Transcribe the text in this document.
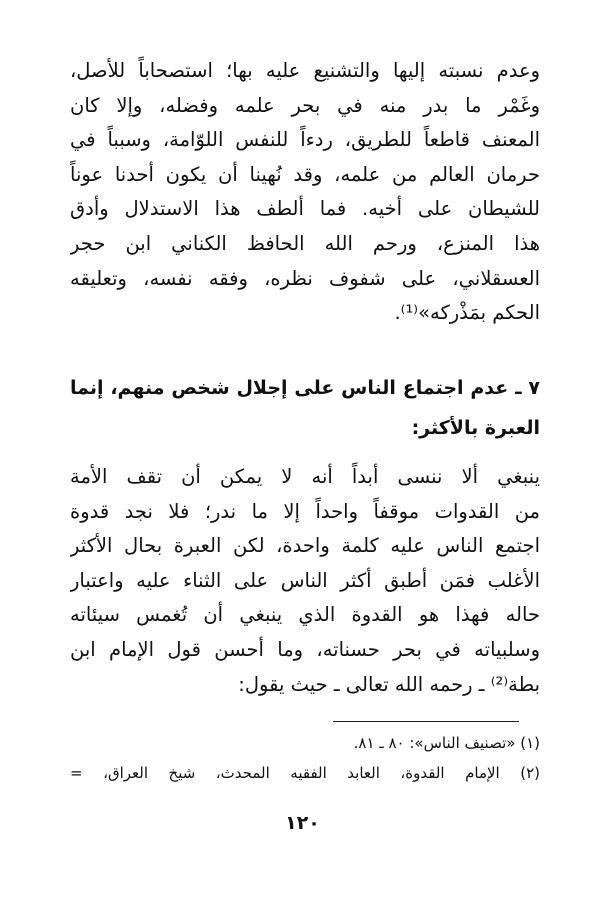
وعدم نسبته إليها والتشنيع عليه بها؛ استصحاباً للأصل،
وغَمْر ما بدر منه في بحر علمه وفضله، وإلا كان
المعنف قاطعاً للطريق، ردءاً للنفس اللوّامة، وسبباً في
حرمان العالم من علمه، وقد نُهينا أن يكون أحدنا عوناً
للشيطان على أخيه. فما ألطف هذا الاستدلال وأدق
هذا المنزع، ورحم الله الحافظ الكناني ابن حجر
العسقلاني، على شفوف نظره، وفقه نفسه، وتعليقه
الحكم بمَذْركه»⁽¹⁾.
٧ ـ عدم اجتماع الناس على إجلال شخص منهم، إنما
العبرة بالأكثر:
ينبغي ألا ننسى أبداً أنه لا يمكن أن تقف الأمة
من القدوات موقفاً واحداً إلا ما ندر؛ فلا نجد قدوة
اجتمع الناس عليه كلمة واحدة، لكن العبرة بحال الأكثر
الأغلب فمَن أطبق أكثر الناس على الثناء عليه واعتبار
حاله فهذا هو القدوة الذي ينبغي أن تُغمس سيئاته
وسلبياته في بحر حسناته، وما أحسن قول الإمام ابن
بطة⁽²⁾ ـ رحمه الله تعالى ـ حيث يقول:
(١) «تصنيف الناس»: ٨٠ ـ ٨١.
(٢) الإمام القدوة، العابد الفقيه المحدث، شيخ العراق، =
١٢٠
